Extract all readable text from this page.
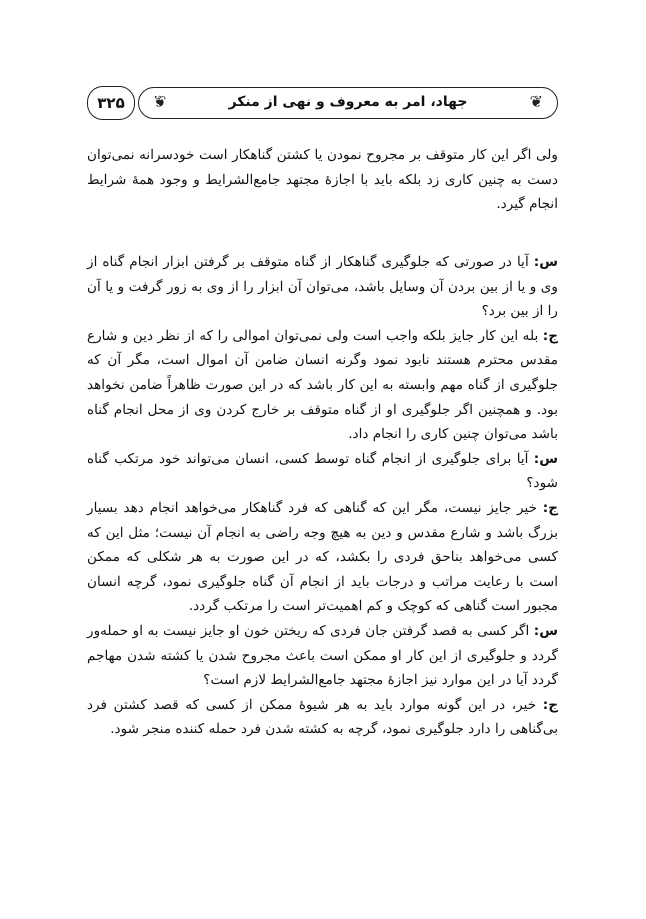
❦
جهاد، امر به معروف و نهی از منکر
❦
۳۲۵

ولی اگر این کار متوقف بر مجروح نمودن یا کشتن گناهکار است خودسرانه نمی‌توان دست به چنین کاری زد بلکه باید با اجازهٔ مجتهد جامع‌الشرایط و وجود همهٔ شرایط انجام گیرد.

س: آیا در صورتی که جلوگیری گناهکار از گناه متوقف بر گرفتن ابزار انجام گناه از وی و یا از بین بردن آن وسایل باشد، می‌توان آن ابزار را از وی به زور گرفت و یا آن را از بین برد؟

ج: بله این کار جایز بلکه واجب است ولی نمی‌توان اموالی را که از نظر دین و شارع مقدس محترم هستند نابود نمود وگرنه انسان ضامن آن اموال است، مگر آن که جلوگیری از گناه مهم وابسته به این کار باشد که در این صورت ظاهراً ضامن نخواهد بود. و همچنین اگر جلوگیری او از گناه متوقف بر خارج کردن وی از محل انجام گناه باشد می‌توان چنین کاری را انجام داد.

س: آیا برای جلوگیری از انجام گناه توسط کسی، انسان می‌تواند خود مرتکب گناه شود؟

ج: خیر جایز نیست، مگر این که گناهی که فرد گناهکار می‌خواهد انجام دهد بسیار بزرگ باشد و شارع مقدس و دین به هیچ وجه راضی به انجام آن نیست؛ مثل این که کسی می‌خواهد بناحق فردی را بکشد، که در این صورت به هر شکلی که ممکن است با رعایت مراتب و درجات باید از انجام آن گناه جلوگیری نمود، گرچه انسان مجبور است گناهی که کوچک و کم اهمیت‌تر است را مرتکب گردد.

س: اگر کسی به قصد گرفتن جان فردی که ریختن خون او جایز نیست به او حمله‌ور گردد و جلوگیری از این کار او ممکن است باعث مجروح شدن یا کشته شدن مهاجم گردد آیا در این موارد نیز اجازهٔ مجتهد جامع‌الشرایط لازم است؟

ج: خیر، در این گونه موارد باید به هر شیوهٔ ممکن از کسی که قصد کشتن فرد بی‌گناهی را دارد جلوگیری نمود، گرچه به کشته شدن فرد حمله کننده منجر شود.
